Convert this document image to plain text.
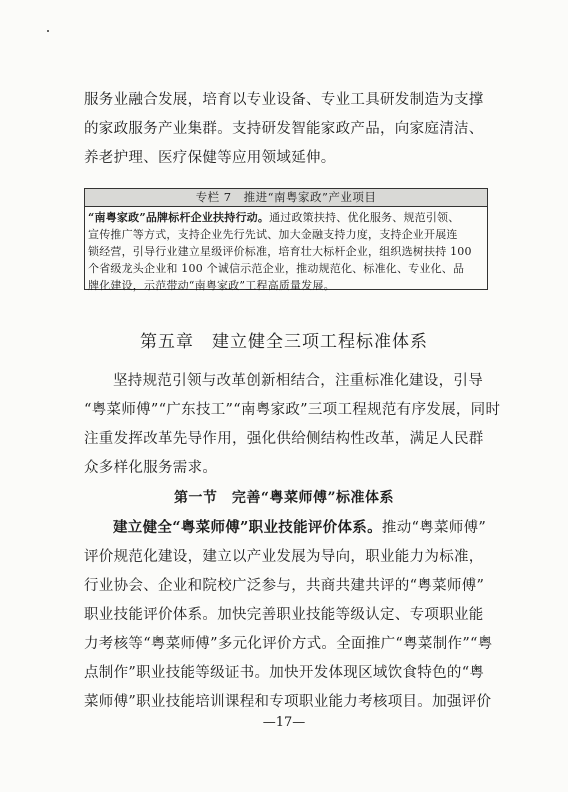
服务业融合发展，培育以专业设备、专业工具研发制造为支撑
的家政服务产业集群。支持研发智能家政产品，向家庭清洁、
养老护理、医疗保健等应用领域延伸。

专栏 7　推进“南粤家政”产业项目
“南粤家政”品牌标杆企业扶持行动。通过政策扶持、优化服务、规范引领、
宣传推广等方式，支持企业先行先试、加大金融支持力度，支持企业开展连
锁经营，引导行业建立星级评价标准，培育壮大标杆企业，组织选树扶持 100
个省级龙头企业和 100 个诚信示范企业，推动规范化、标准化、专业化、品
牌化建设，示范带动“南粤家政”工程高质量发展。
第五章　建立健全三项工程标准体系

坚持规范引领与改革创新相结合，注重标准化建设，引导
“粤菜师傅”“广东技工”“南粤家政”三项工程规范有序发展，同时
注重发挥改革先导作用，强化供给侧结构性改革，满足人民群
众多样化服务需求。

第一节　完善“粤菜师傅”标准体系

建立健全“粤菜师傅”职业技能评价体系。推动“粤菜师傅”
评价规范化建设，建立以产业发展为导向，职业能力为标准，
行业协会、企业和院校广泛参与，共商共建共评的“粤菜师傅”
职业技能评价体系。加快完善职业技能等级认定、专项职业能
力考核等“粤菜师傅”多元化评价方式。全面推广“粤菜制作”“粤
点制作”职业技能等级证书。加快开发体现区域饮食特色的“粤
菜师傅”职业技能培训课程和专项职业能力考核项目。加强评价

—17—
